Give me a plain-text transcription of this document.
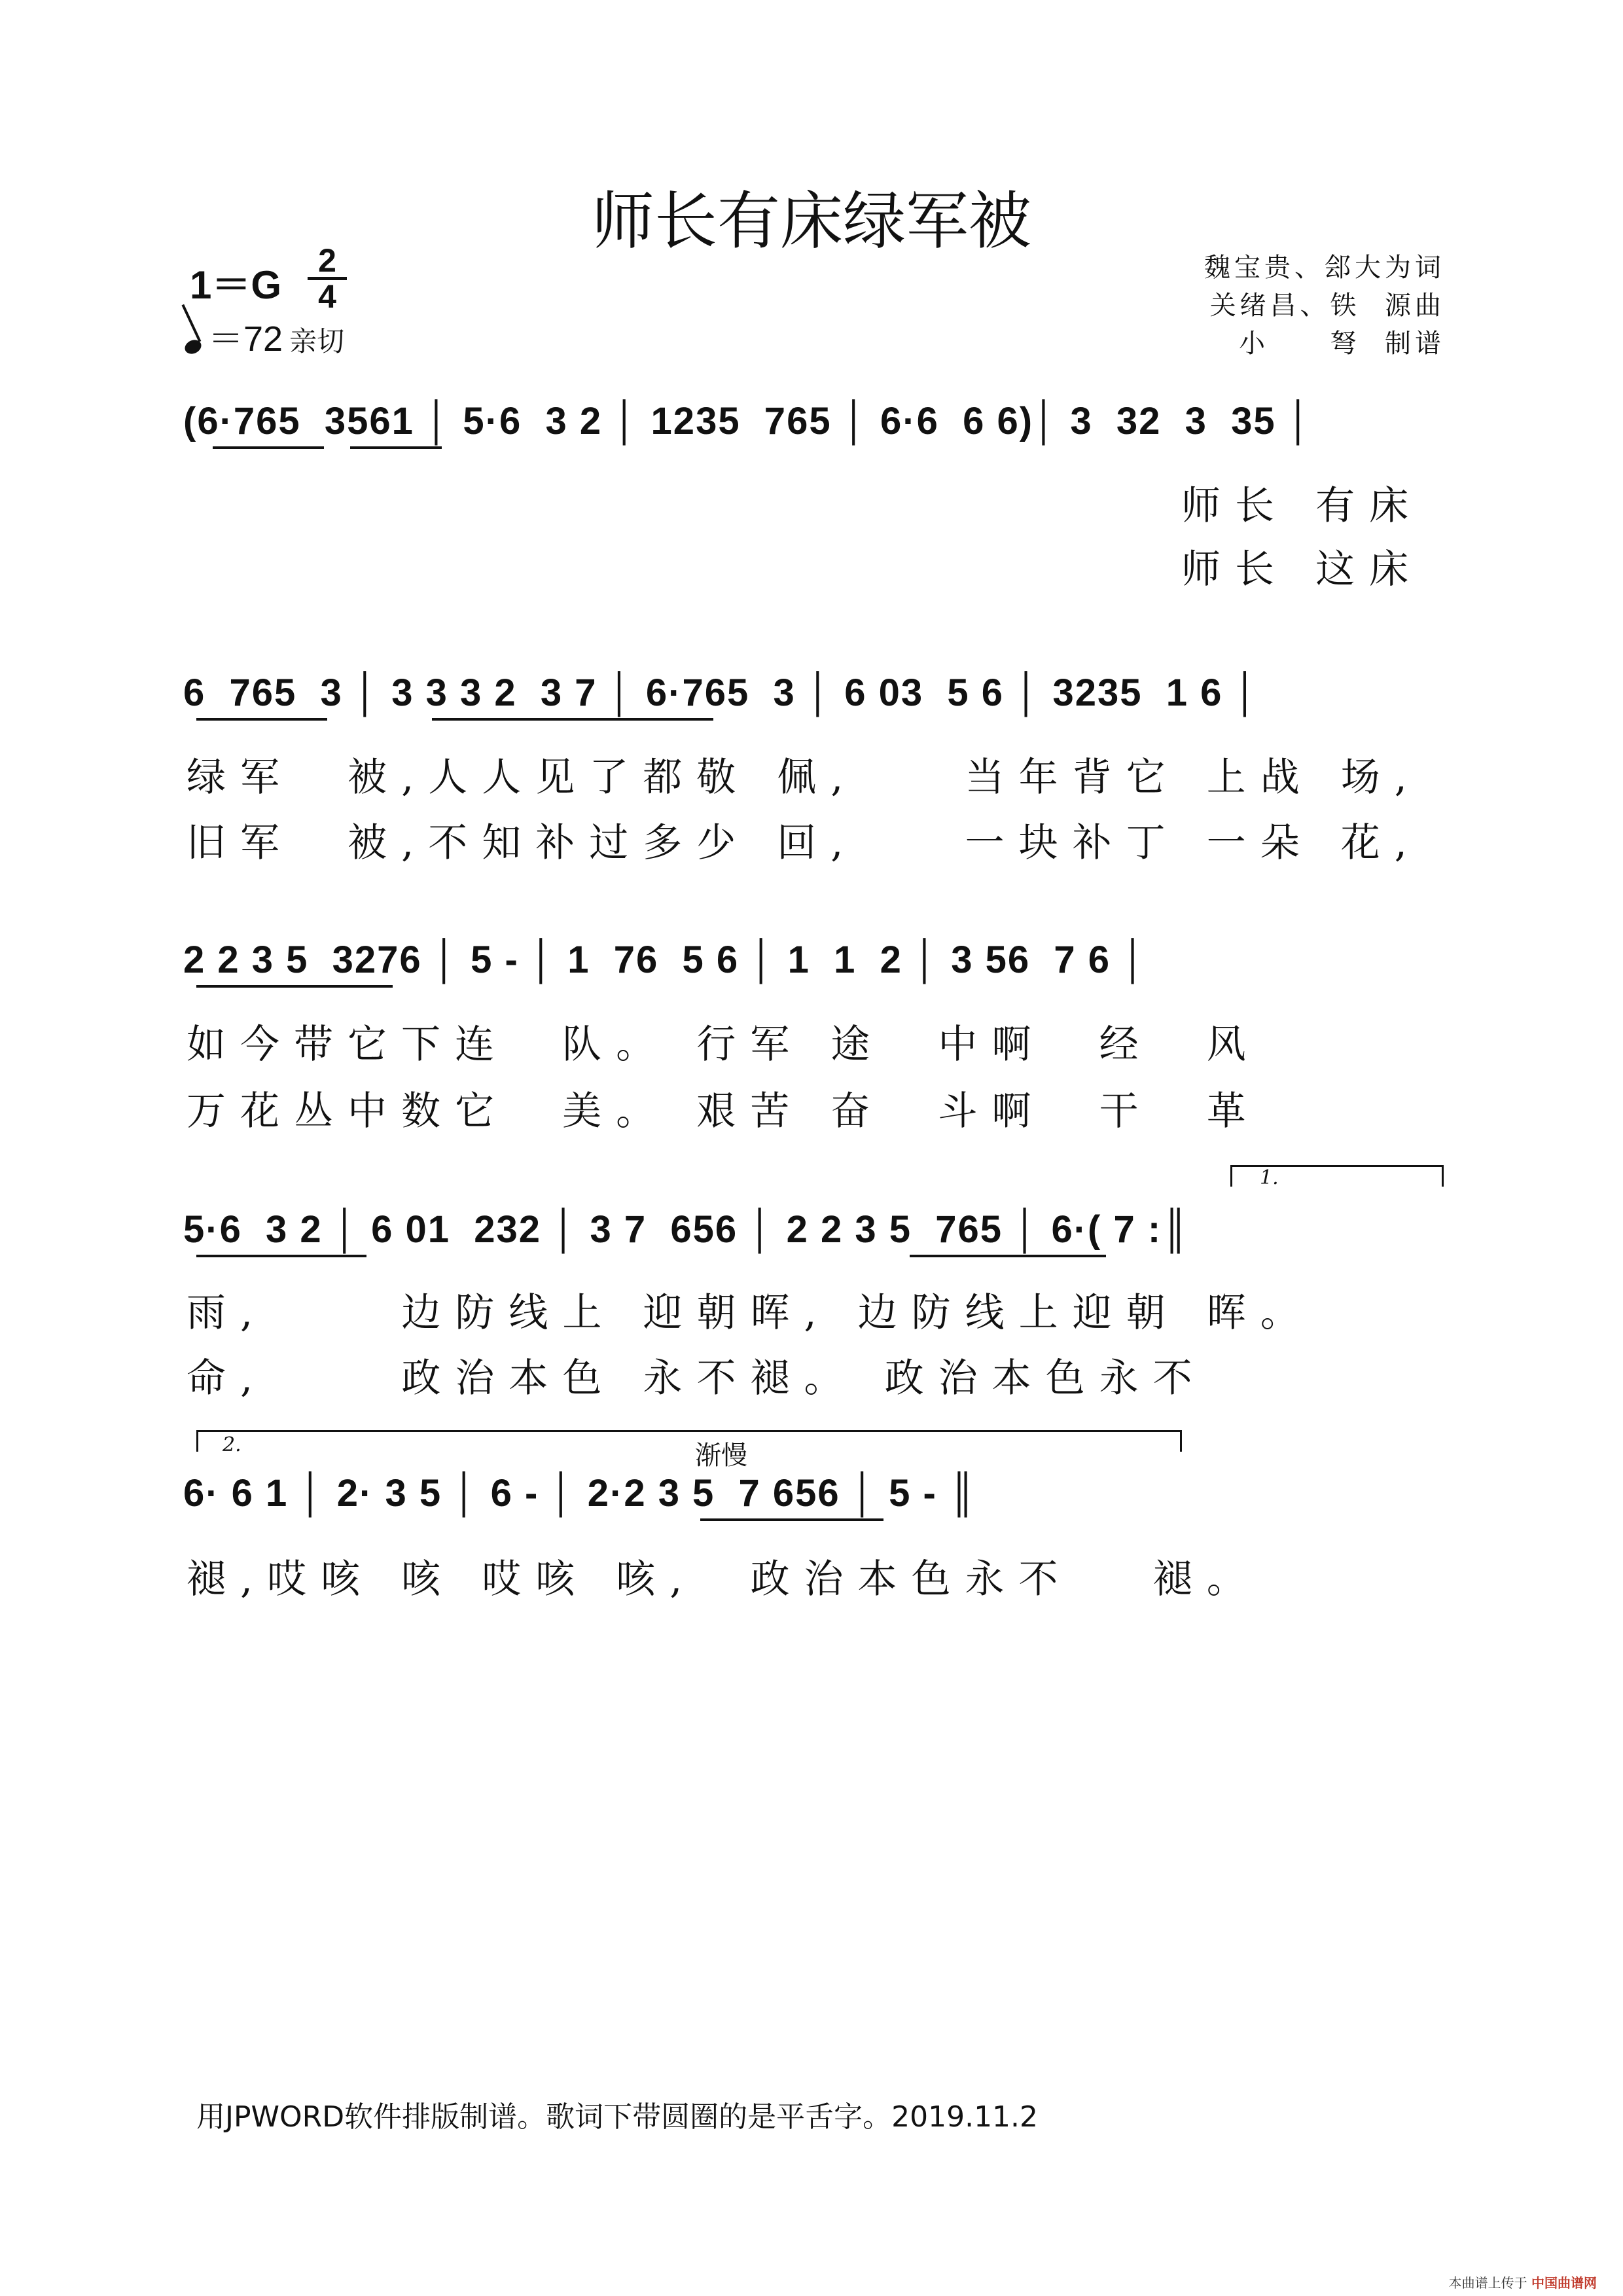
师长有床绿军被
1＝G
2
4
＝72 亲切
魏宝贵、郐大为词
关绪昌、铁  源曲
小     弩  制谱
(6·765  3561 │ 5·6  3 2 │ 1235  765 │ 6·6  6 6)│ 3  32  3  35 │
师长 有床
师长 这床
6  765  3 │ 3 3 3 2  3 7 │ 6·765  3 │ 6 03  5 6 │ 3235  1 6 │
绿军  被,人人见了都敬 佩,    当年背它 上战 场,
旧军  被,不知补过多少 回,    一块补丁 一朵 花,
2 2 3 5  3276 │ 5 - │ 1  76  5 6 │ 1  1  2 │ 3 56  7 6 │
如今带它下连  队。 行军 途  中啊  经  风
万花丛中数它  美。 艰苦 奋  斗啊  干  革
1.
5·6  3 2 │ 6 01  232 │ 3 7  656 │ 2 2 3 5  765 │ 6·( 7 :║
雨,     边防线上 迎朝晖, 边防线上迎朝 晖。
命,     政治本色 永不褪。 政治本色永不
2.	渐慢
6· 6 1 │ 2· 3 5 │ 6 - │ 2·2 3 5  7 656 │ 5 - ║
褪,哎咳 咳 哎咳 咳,  政治本色永不   褪。
用JPWORD软件排版制谱。歌词下带圆圈的是平舌字。2019.11.2
本曲谱上传于 中国曲谱网
